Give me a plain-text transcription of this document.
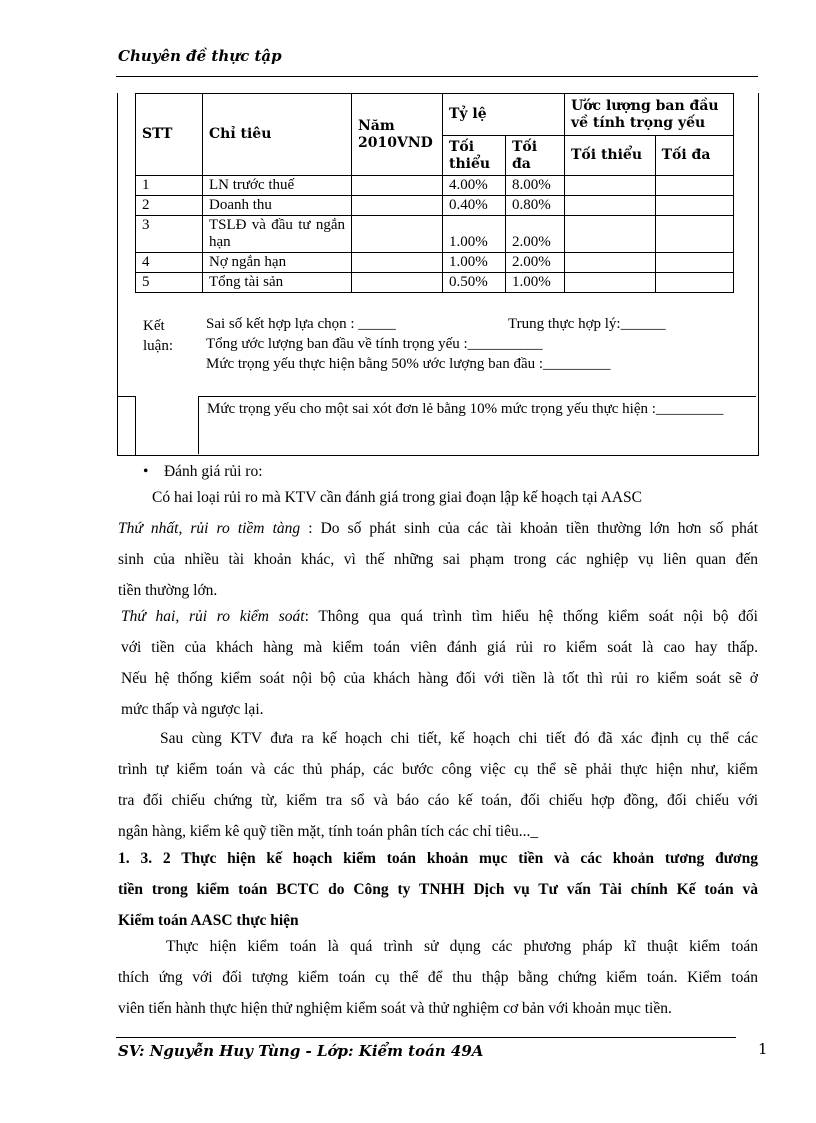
Chuyên đề thực tập
STT	Chỉ tiêu	Năm 2010VND	Tỷ lệ		Ước lượng ban đầu về tính trọng yếu	
			Tối thiểu	Tối đa	Tối thiểu	Tối đa
1	LN trước thuế		4.00%	8.00%		
2	Doanh thu		0.40%	0.80%		
3	TSLĐ và đầu tư ngắn hạn		1.00%	2.00%		
4	Nợ ngắn hạn		1.00%	2.00%		
5	Tổng tài sản		0.50%	1.00%		
Kết luận:
Sai số kết hợp lựa chọn : _____	Trung thực hợp lý:______
Tổng ước lượng ban đầu về tính trọng yếu :__________
Mức trọng yếu thực hiện bằng 50% ước lượng ban đầu :_________
Mức trọng yếu cho một sai xót đơn lẻ bằng 10% mức trọng yếu thực hiện :_________
• Đánh giá rủi ro:
Có hai loại rủi ro mà KTV cần đánh giá trong giai đoạn lập kế hoạch tại AASC
Thứ nhất, rủi ro tiềm tàng : Do số phát sinh của các tài khoản tiền thường lớn hơn số phát
sinh của nhiều tài khoản khác, vì thế những sai phạm trong các nghiệp vụ liên quan đến
tiền thường lớn.
Thứ hai, rủi ro kiểm soát: Thông qua quá trình tìm hiểu hệ thống kiểm soát nội bộ đối
với tiền của khách hàng mà kiểm toán viên đánh giá rủi ro kiểm soát là cao hay thấp.
Nếu hệ thống kiểm soát nội bộ của khách hàng đối với tiền là tốt thì rủi ro kiểm soát sẽ ở
mức thấp và ngược lại.
Sau cùng KTV đưa ra kế hoạch chi tiết, kế hoạch chi tiết đó đã xác định cụ thể các
trình tự kiểm toán và các thủ pháp, các bước công việc cụ thể sẽ phải thực hiện như, kiểm
tra đối chiếu chứng từ, kiểm tra sổ và báo cáo kế toán, đối chiếu hợp đồng, đối chiếu với
ngân hàng, kiểm kê quỹ tiền mặt, tính toán phân tích các chỉ tiêu..._
1. 3. 2 Thực hiện kế hoạch kiểm toán khoản mục tiền và các khoản tương đương
tiền trong kiểm toán BCTC do Công ty TNHH Dịch vụ Tư vấn Tài chính Kế toán và
Kiểm toán AASC thực hiện
Thực hiện kiểm toán là quá trình sử dụng các phương pháp kĩ thuật kiểm toán
thích ứng với đối tượng kiểm toán cụ thể để thu thập bằng chứng kiểm toán. Kiểm toán
viên tiến hành thực hiện thử nghiệm kiểm soát và thử nghiệm cơ bản với khoản mục tiền.
SV: Nguyễn Huy Tùng - Lớp: Kiểm toán 49A	1
